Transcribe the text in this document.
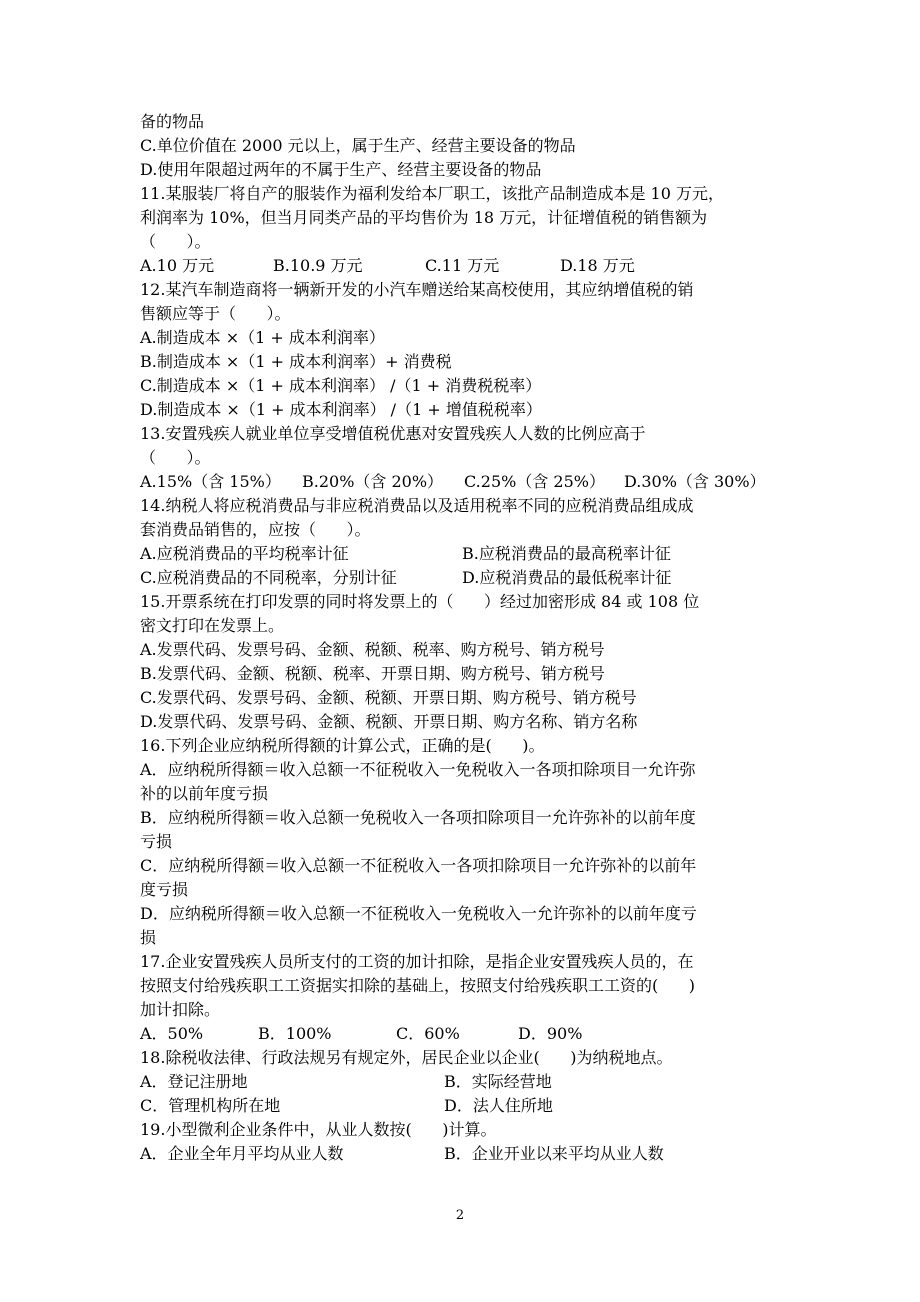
备的物品
C.单位价值在 2000 元以上，属于生产、经营主要设备的物品
D.使用年限超过两年的不属于生产、经营主要设备的物品
11.某服装厂将自产的服装作为福利发给本厂职工，该批产品制造成本是 10 万元，
利润率为 10%，但当月同类产品的平均售价为 18 万元，计征增值税的销售额为
（      ）。

A.10 万元

	B.10.9 万元

	C.11 万元

	D.18 万元

12.某汽车制造商将一辆新开发的小汽车赠送给某高校使用，其应纳增值税的销
售额应等于（      ）。
A.制造成本 ×（1 + 成本利润率）
B.制造成本 ×（1 + 成本利润率）+ 消费税
C.制造成本 ×（1 + 成本利润率） /（1 + 消费税税率）
D.制造成本 ×（1 + 成本利润率） /（1 + 增值税税率）
13.安置残疾人就业单位享受增值税优惠对安置残疾人人数的比例应高于
（      ）。

A.15%（含 15%）

B.20%（含 20%）

C.25%（含 25%）

D.30%（含 30%）

14.纳税人将应税消费品与非应税消费品以及适用税率不同的应税消费品组成成
套消费品销售的，应按（      ）。

A.应税消费品的平均税率计征

	B.应税消费品的最高税率计征

C.应税消费品的不同税率，分别计征

	D.应税消费品的最低税率计征

15.开票系统在打印发票的同时将发票上的（      ）经过加密形成 84 或 108 位
密文打印在发票上。
A.发票代码、发票号码、金额、税额、税率、购方税号、销方税号
B.发票代码、金额、税额、税率、开票日期、购方税号、销方税号
C.发票代码、发票号码、金额、税额、开票日期、购方税号、销方税号
D.发票代码、发票号码、金额、税额、开票日期、购方名称、销方名称
16.下列企业应纳税所得额的计算公式，正确的是(      )。
A．应纳税所得额＝收入总额一不征税收入一免税收入一各项扣除项目一允许弥
补的以前年度亏损
B．应纳税所得额＝收入总额一免税收入一各项扣除项目一允许弥补的以前年度
亏损
C．应纳税所得额＝收入总额一不征税收入一各项扣除项目一允许弥补的以前年
度亏损
D．应纳税所得额＝收入总额一不征税收入一免税收入一允许弥补的以前年度亏
损
17.企业安置残疾人员所支付的工资的加计扣除，是指企业安置残疾人员的，在
按照支付给残疾职工工资据实扣除的基础上，按照支付给残疾职工工资的(      )
加计扣除。

A．50%

	B．100%

	C．60%

	D．90%

18.除税收法律、行政法规另有规定外，居民企业以企业(      )为纳税地点。

A．登记注册地

	B．实际经营地

C．管理机构所在地

	D．法人住所地

19.小型微利企业条件中，从业人数按(      )计算。

A．企业全年月平均从业人数

	B．企业开业以来平均从业人数

2
